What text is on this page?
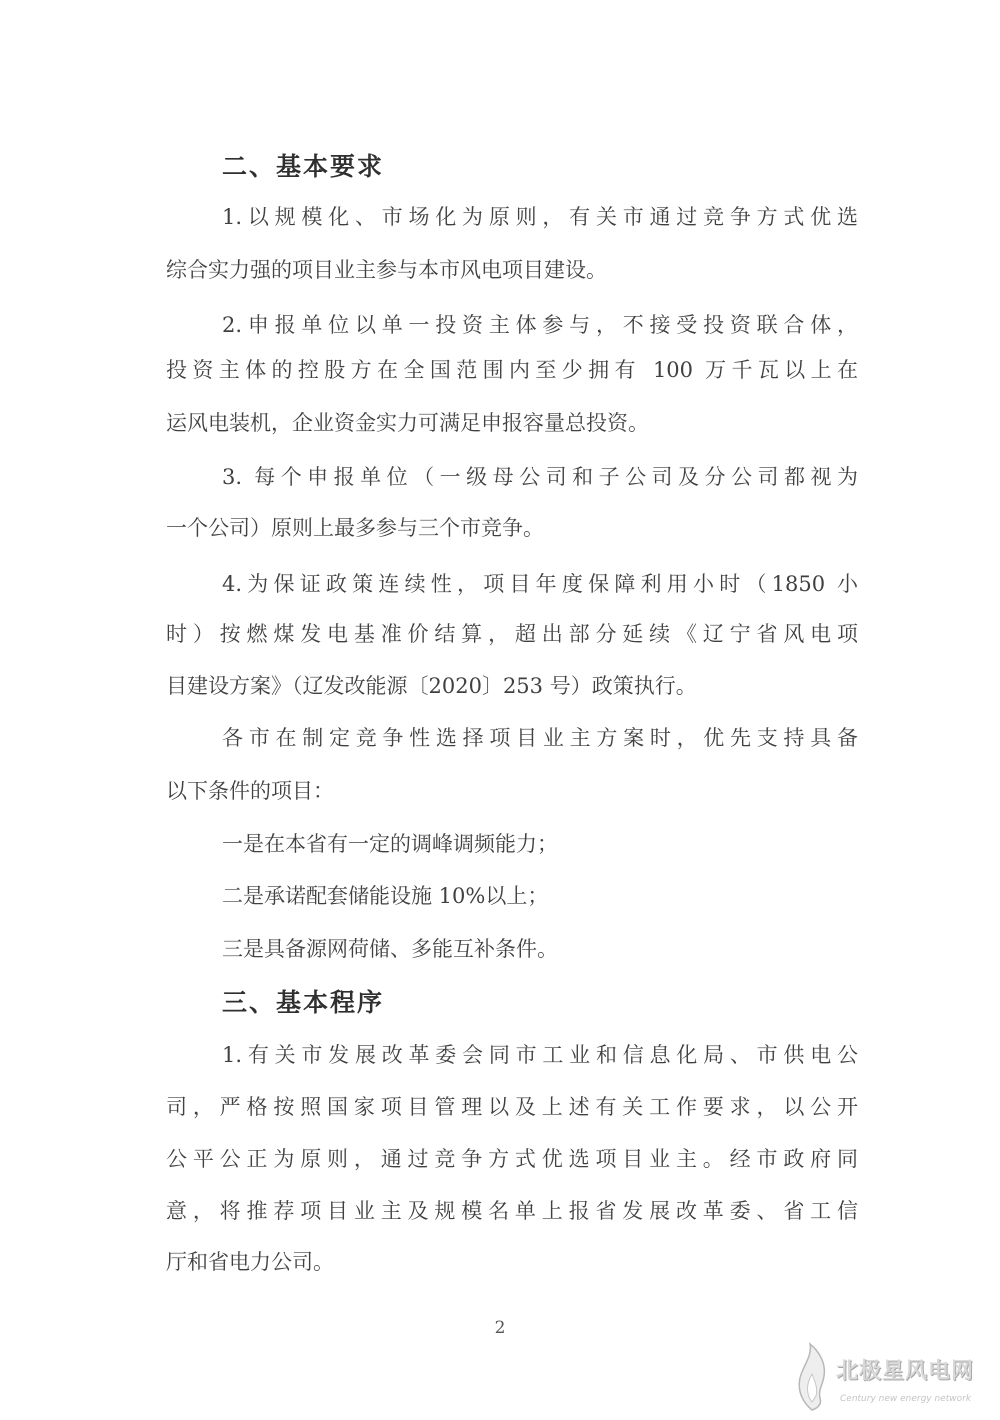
二、基本要求
1.以规模化、市场化为原则，有关市通过竞争方式优选
综合实力强的项目业主参与本市风电项目建设。
2.申报单位以单一投资主体参与，不接受投资联合体，
投资主体的控股方在全国范围内至少拥有 100 万千瓦以上在
运风电装机，企业资金实力可满足申报容量总投资。
3. 每个申报单位（一级母公司和子公司及分公司都视为
一个公司）原则上最多参与三个市竞争。
4.为保证政策连续性，项目年度保障利用小时（1850 小
时）按燃煤发电基准价结算，超出部分延续《辽宁省风电项
目建设方案》（辽发改能源〔2020〕253 号）政策执行。
各市在制定竞争性选择项目业主方案时，优先支持具备
以下条件的项目：
一是在本省有一定的调峰调频能力；
二是承诺配套储能设施 10%以上；
三是具备源网荷储、多能互补条件。
三、基本程序
1.有关市发展改革委会同市工业和信息化局、市供电公
司，严格按照国家项目管理以及上述有关工作要求，以公开
公平公正为原则，通过竞争方式优选项目业主。经市政府同
意，将推荐项目业主及规模名单上报省发展改革委、省工信
厅和省电力公司。
2
北极星风电网
Century new energy network
